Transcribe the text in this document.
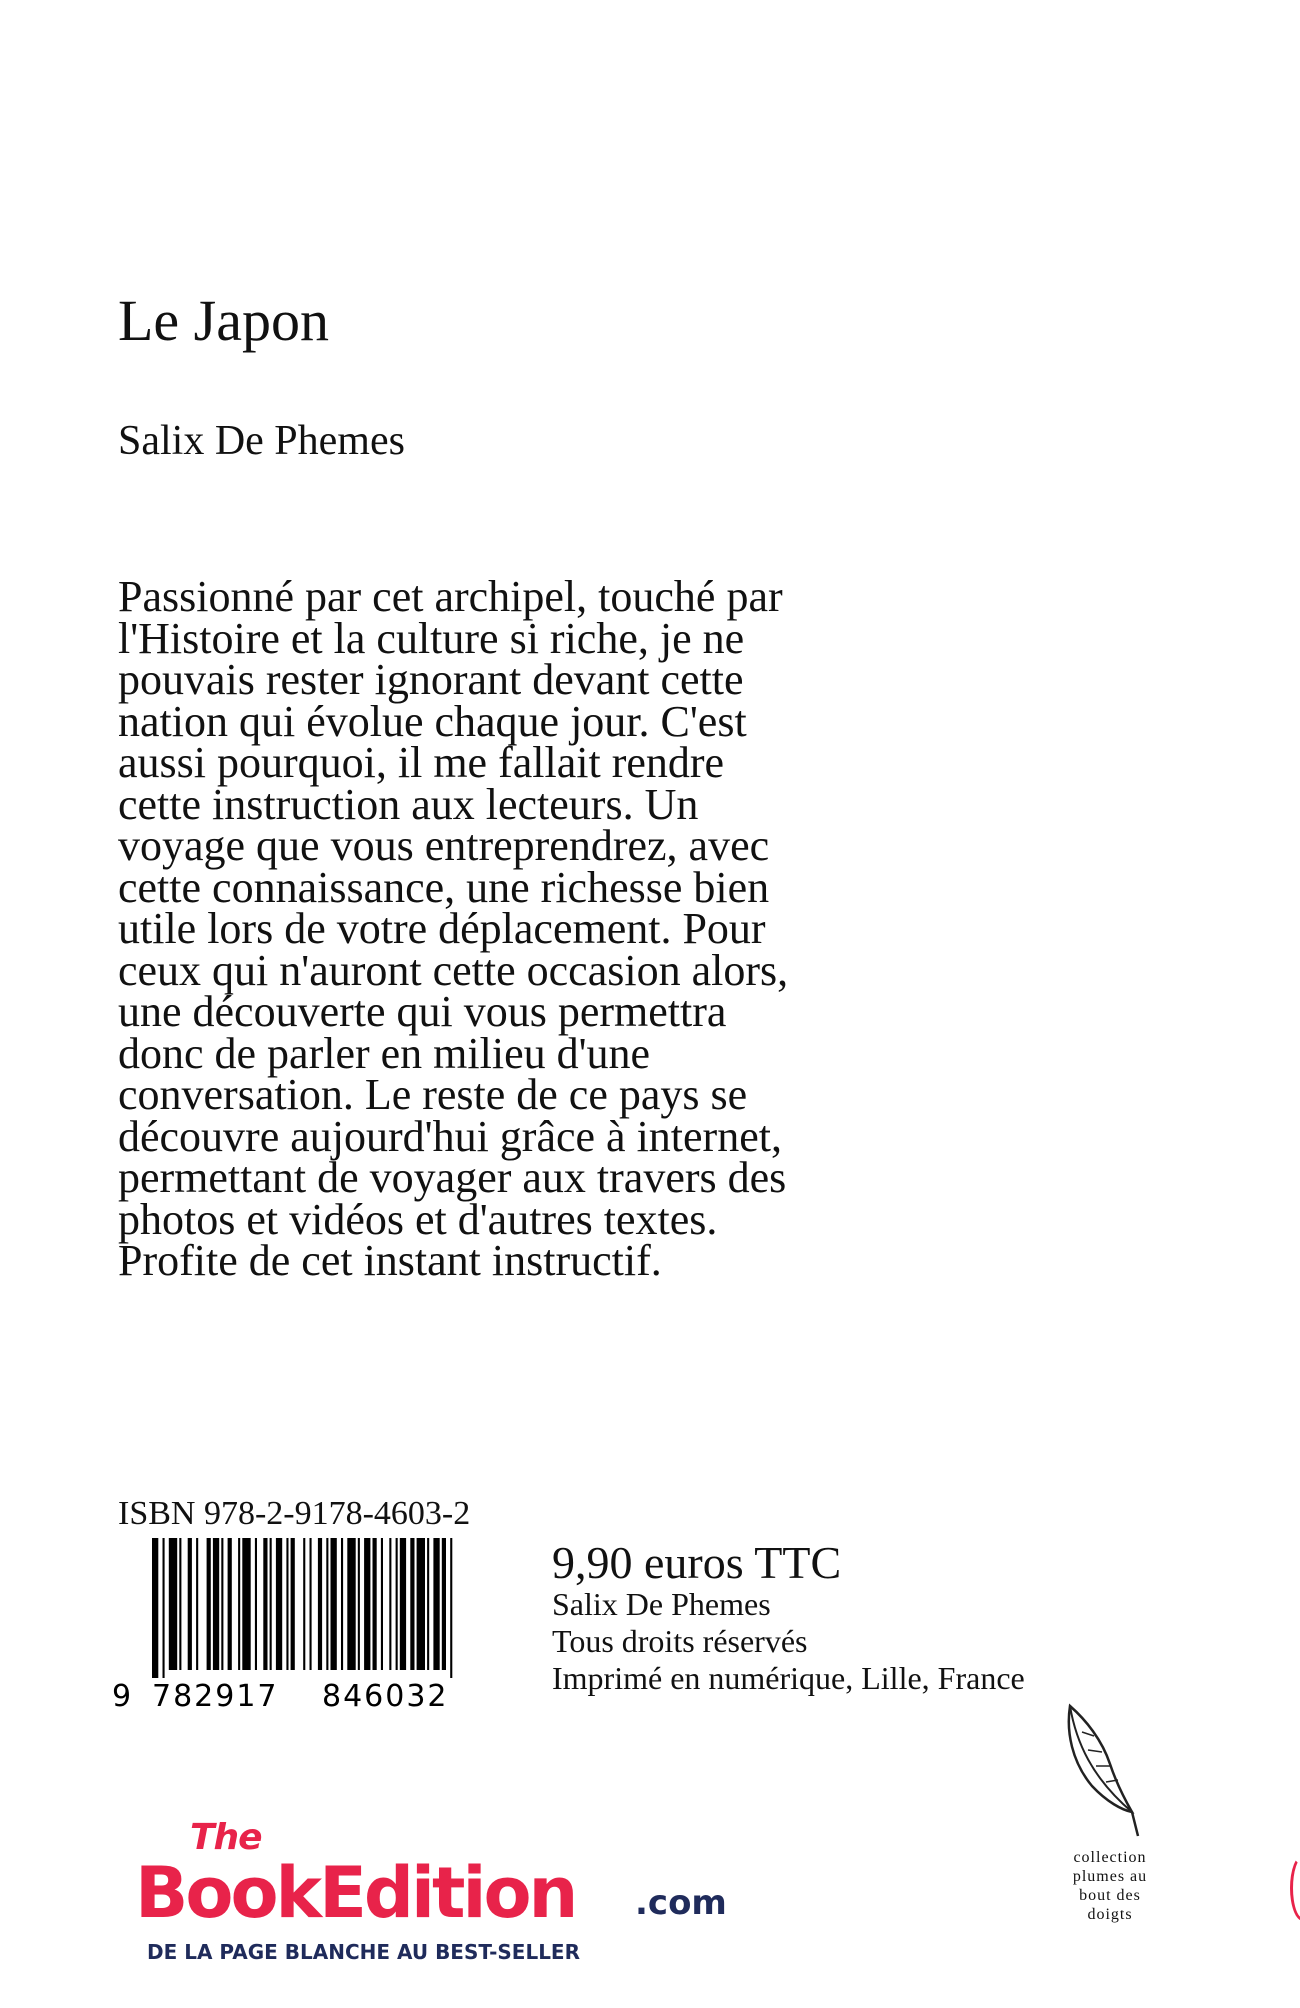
Le Japon
Salix De Phemes
Passionné par cet archipel, touché par
l'Histoire et la culture si riche, je ne
pouvais rester ignorant devant cette
nation qui évolue chaque jour. C'est
aussi pourquoi, il me fallait rendre
cette instruction aux lecteurs. Un
voyage que vous entreprendrez, avec
cette connaissance, une richesse bien
utile lors de votre déplacement. Pour
ceux qui n'auront cette occasion alors,
une découverte qui vous permettra
donc de parler en milieu d'une
conversation. Le reste de ce pays se
découvre aujourd'hui grâce à internet,
permettant de voyager aux travers des
photos et vidéos et d'autres textes.
Profite de cet instant instructif.
ISBN 978-2-9178-4603-2
9 782917 846032
9,90 euros TTC
Salix De Phemes
Tous droits réservés
Imprimé en numérique, Lille, France
The
BookEdition .com
DE LA PAGE BLANCHE AU BEST-SELLER
collection
plumes au
bout des
doigts
